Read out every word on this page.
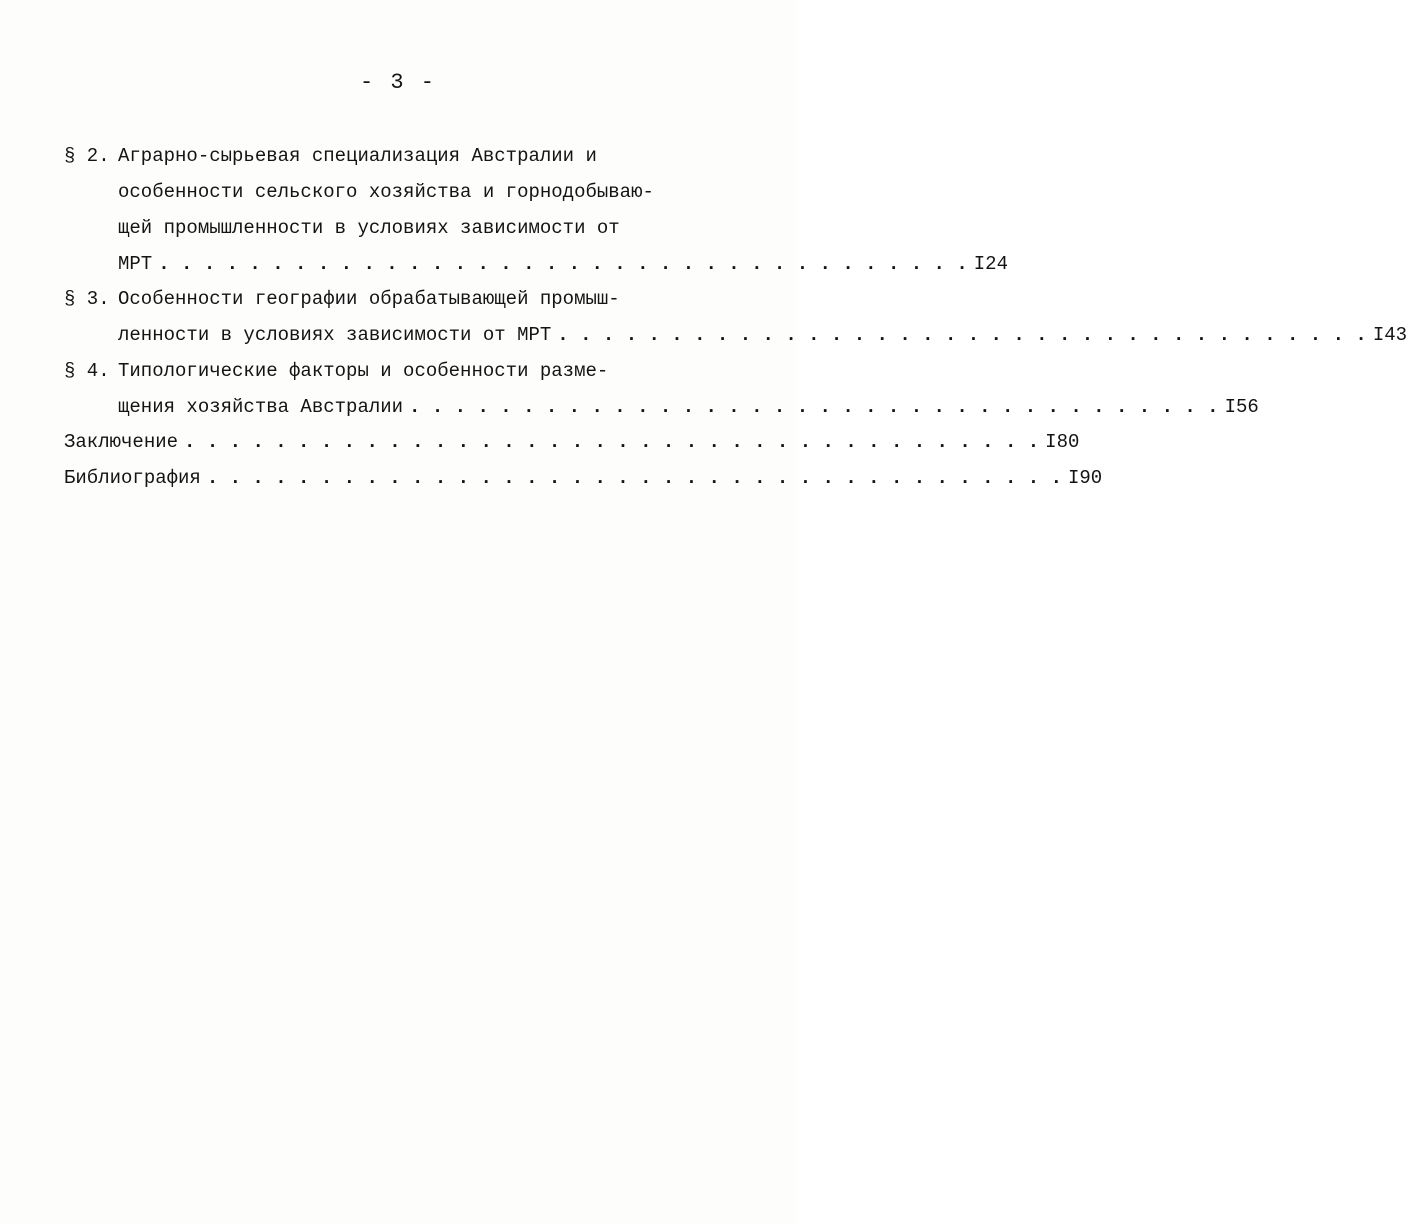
- 3 -
§ 2. Аграрно-сырьевая специализация Австралии и
особенности сельского хозяйства и горнодобываю-
щей промышленности в условиях зависимости от
МРТ . . . . . . . . . . . . . . . . . . . . . . . . . . . . . . . . . . . . I24
§ 3. Особенности географии обрабатывающей промыш-
ленности в условиях зависимости от МРТ . . . . . . . . . . . . . . . . . . . . . . . . . . . . . . . . . . . . I43
§ 4. Типологические факторы и особенности разме-
щения хозяйства Австралии . . . . . . . . . . . . . . . . . . . . . . . . . . . . . . . . . . . . I56
Заключение . . . . . . . . . . . . . . . . . . . . . . . . . . . . . . . . . . . . . . I80
Библиография . . . . . . . . . . . . . . . . . . . . . . . . . . . . . . . . . . . . . . I90
